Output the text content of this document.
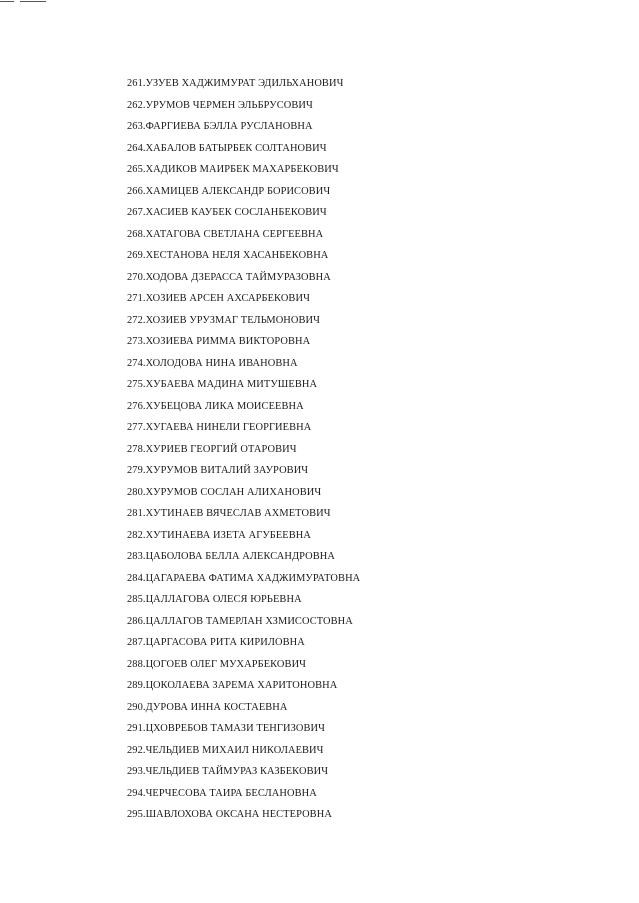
261.УЗУЕВ ХАДЖИМУРАТ ЭДИЛЬХАНОВИЧ
262.УРУМОВ ЧЕРМЕН ЭЛЬБРУСОВИЧ
263.ФАРГИЕВА БЭЛЛА РУСЛАНОВНА
264.ХАБАЛОВ БАТЫРБЕК СОЛТАНОВИЧ
265.ХАДИКОВ МАИРБЕК МАХАРБЕКОВИЧ
266.ХАМИЦЕВ АЛЕКСАНДР БОРИСОВИЧ
267.ХАСИЕВ КАУБЕК СОСЛАНБЕКОВИЧ
268.ХАТАГОВА СВЕТЛАНА СЕРГЕЕВНА
269.ХЕСТАНОВА НЕЛЯ ХАСАНБЕКОВНА
270.ХОДОВА ДЗЕРАССА ТАЙМУРАЗОВНА
271.ХОЗИЕВ АРСЕН АХСАРБЕКОВИЧ
272.ХОЗИЕВ УРУЗМАГ ТЕЛЬМОНОВИЧ
273.ХОЗИЕВА РИММА ВИКТОРОВНА
274.ХОЛОДОВА НИНА ИВАНОВНА
275.ХУБАЕВА МАДИНА МИТУШЕВНА
276.ХУБЕЦОВА ЛИКА МОИСЕЕВНА
277.ХУГАЕВА НИНЕЛИ ГЕОРГИЕВНА
278.ХУРИЕВ ГЕОРГИЙ ОТАРОВИЧ
279.ХУРУМОВ ВИТАЛИЙ ЗАУРОВИЧ
280.ХУРУМОВ СОСЛАН АЛИХАНОВИЧ
281.ХУТИНАЕВ ВЯЧЕСЛАВ АХМЕТОВИЧ
282.ХУТИНАЕВА ИЗЕТА АГУБЕЕВНА
283.ЦАБОЛОВА БЕЛЛА АЛЕКСАНДРОВНА
284.ЦАГАРАЕВА ФАТИМА ХАДЖИМУРАТОВНА
285.ЦАЛЛАГОВА ОЛЕСЯ ЮРЬЕВНА
286.ЦАЛЛАГОВ ТАМЕРЛАН ХЗМИСОСТОВНА
287.ЦАРГАСОВА РИТА КИРИЛОВНА
288.ЦОГОЕВ ОЛЕГ МУХАРБЕКОВИЧ
289.ЦОКОЛАЕВА ЗАРЕМА ХАРИТОНОВНА
290.ДУРОВА ИННА КОСТАЕВНА
291.ЦХОВРЕБОВ ТАМАЗИ ТЕНГИЗОВИЧ
292.ЧЕЛЬДИЕВ МИХАИЛ НИКОЛАЕВИЧ
293.ЧЕЛЬДИЕВ ТАЙМУРАЗ КАЗБЕКОВИЧ
294.ЧЕРЧЕСОВА ТАИРА БЕСЛАНОВНА
295.ШАВЛОХОВА ОКСАНА НЕСТЕРОВНА
